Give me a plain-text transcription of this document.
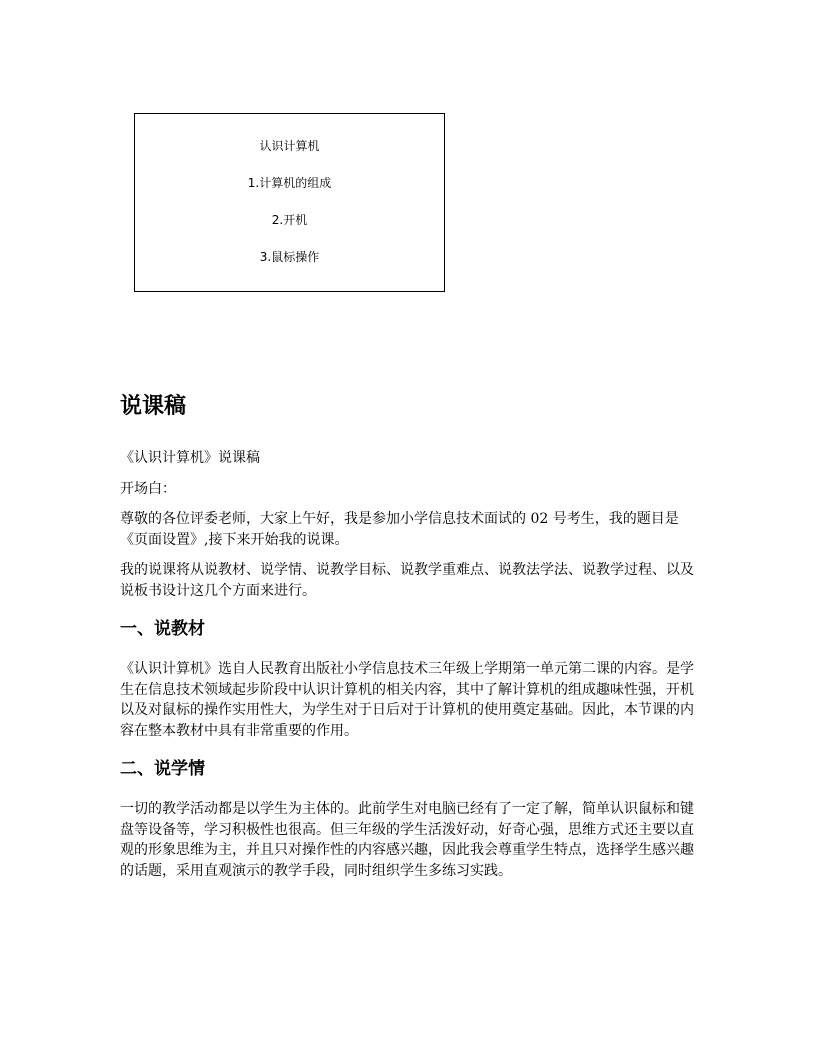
认识计算机
1.计算机的组成
2.开机
3.鼠标操作
说课稿

《认识计算机》说课稿

开场白：

尊敬的各位评委老师，大家上午好，我是参加小学信息技术面试的 02 号考生，我的题目是《页面设置》,接下来开始我的说课。

我的说课将从说教材、说学情、说教学目标、说教学重难点、说教法学法、说教学过程、以及说板书设计这几个方面来进行。

一、说教材

《认识计算机》选自人民教育出版社小学信息技术三年级上学期第一单元第二课的内容。是学生在信息技术领域起步阶段中认识计算机的相关内容，其中了解计算机的组成趣味性强，开机以及对鼠标的操作实用性大，为学生对于日后对于计算机的使用奠定基础。因此，本节课的内容在整本教材中具有非常重要的作用。

二、说学情

一切的教学活动都是以学生为主体的。此前学生对电脑已经有了一定了解，简单认识鼠标和键盘等设备等，学习积极性也很高。但三年级的学生活泼好动，好奇心强，思维方式还主要以直观的形象思维为主，并且只对操作性的内容感兴趣，因此我会尊重学生特点，选择学生感兴趣的话题，采用直观演示的教学手段，同时组织学生多练习实践。
